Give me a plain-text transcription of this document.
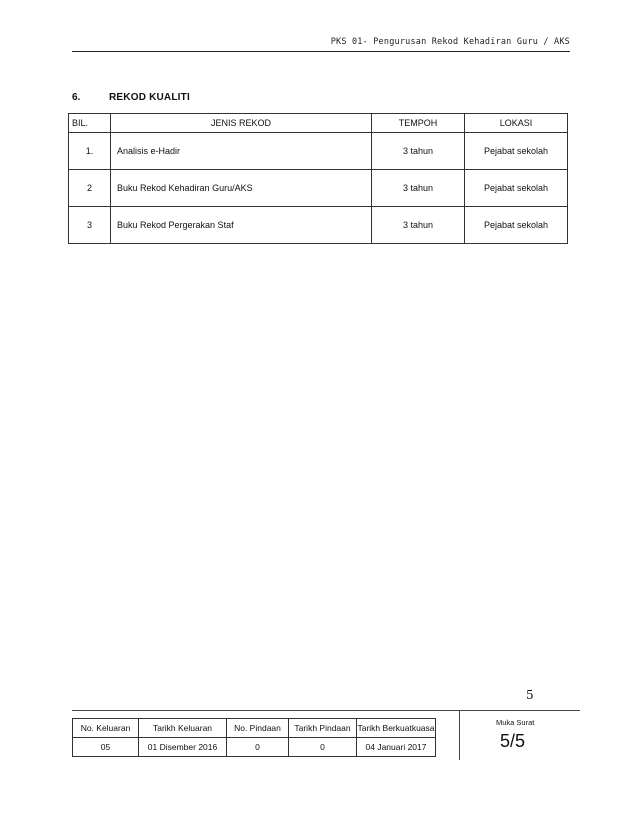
PKS 01- Pengurusan Rekod Kehadiran Guru / AKS
6.	REKOD KUALITI
BIL.	JENIS REKOD	TEMPOH	LOKASI
1.	Analisis e-Hadir	3 tahun	Pejabat sekolah
2	Buku Rekod Kehadiran Guru/AKS	3 tahun	Pejabat sekolah
3	Buku Rekod Pergerakan Staf	3 tahun	Pejabat sekolah
5
No. Keluaran	Tarikh Keluaran	No. Pindaan	Tarikh Pindaan	Tarikh Berkuatkuasa
05	01 Disember 2016	0	0	04 Januari 2017
Muka Surat
5/5
